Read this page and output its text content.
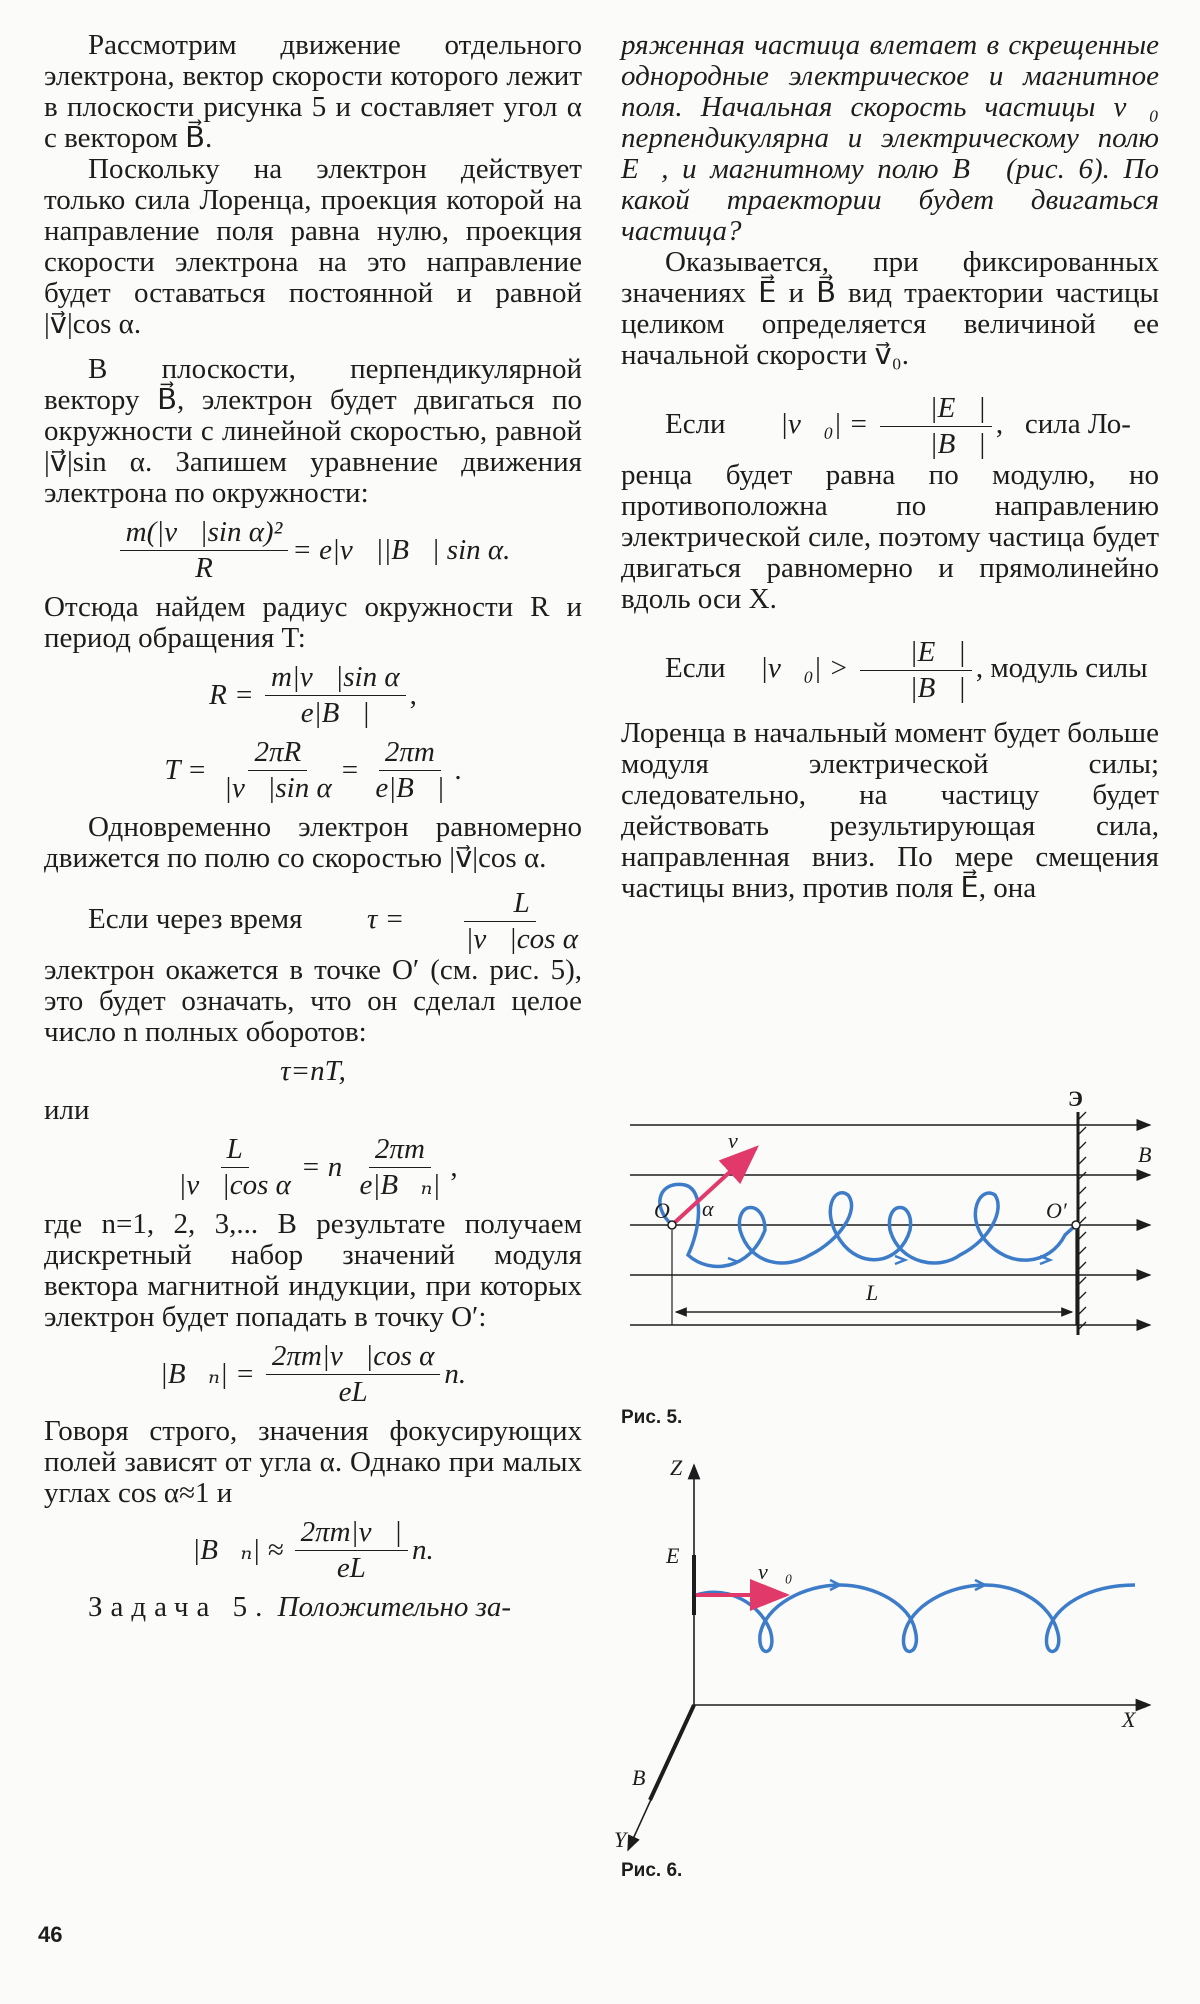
Рассмотрим движение отдельного электрона, вектор скорости которого лежит в плоскости рисунка 5 и составляет угол α с вектором B⃗.

Поскольку на электрон действует только сила Лоренца, проекция которой на направление поля равна нулю, проекция скорости электрона на это направление будет оставаться постоянной и равной |v⃗|cos α.

В плоскости, перпендикулярной вектору B⃗, электрон будет двигаться по окружности с линейной скоростью, равной |v⃗|sin α. Запишем уравнение движения электрона по окружности:

$\frac{\text{m(|v⃗|sin α)²}}{R}$ = e|v⃗||B⃗| sin α.

Отсюда найдем радиус окружности R и период обращения T:

$R = \frac{\text{m|v⃗|sin α}}{e|B⃗|}$ ,
$T = \frac{2\pi R}{\text{|v⃗|sin α}} = \frac{2\pi m}{e|B⃗|}$ .

Одновременно электрон равномерно движется по полю со скоростью |v⃗|cos α.

Если через время $\tau = \frac{L}{\text{|v⃗|cos α}}$

электрон окажется в точке O′ (см. рис. 5), это будет означать, что он сделал целое число n полных оборотов:

τ=nT,

или

$\frac{L}{\text{|v⃗|cos α}} = n \frac{2\pi m}{\text{e|B⃗ₙ|}}$ ,

где n=1, 2, 3,... В результате получаем дискретный набор значений модуля вектора магнитной индукции, при которых электрон будет попадать в точку O′:

|B⃗ₙ| = $\frac{\text{2πm|v⃗|cos α}}{eL} n$.

Говоря строго, значения фокусирующих полей зависят от угла α. Однако при малых углах cos α≈1 и

|B⃗ₙ| ≈ $\frac{2\pi m|v⃗|}{eL} n$.

Задача 5. Положительно за-

ряженная частица влетает в скрещенные однородные электрическое и магнитное поля. Начальная скорость частицы v⃗₀ перпендикулярна и электрическому полю E⃗, и магнитному полю B⃗ (рис. 6). По какой траектории будет двигаться частица?

Оказывается, при фиксированных значениях E⃗ и B⃗ вид траектории частицы целиком определяется величиной ее начальной скорости v⃗₀.

Если |v⃗₀| = $\frac{|E⃗|}{|B⃗|}$ ,   сила Ло-

ренца будет равна по модулю, но противоположна по направлению электрической силе, поэтому частица будет двигаться равномерно и прямолинейно вдоль оси X.

Если |v⃗₀| > $\frac{|E⃗|}{|B⃗|}$ , модуль силы

Лоренца в начальный момент будет больше модуля электрической силы; следовательно, на частицу будет действовать результирующая сила, направленная вниз. По мере смещения частицы вниз, против поля E⃗, она

Э
B⃗
v⃗
O α	O′
L
Рис. 5.
Z
E⃗
v⃗₀
X
B⃗
Y
Рис. 6.
46
